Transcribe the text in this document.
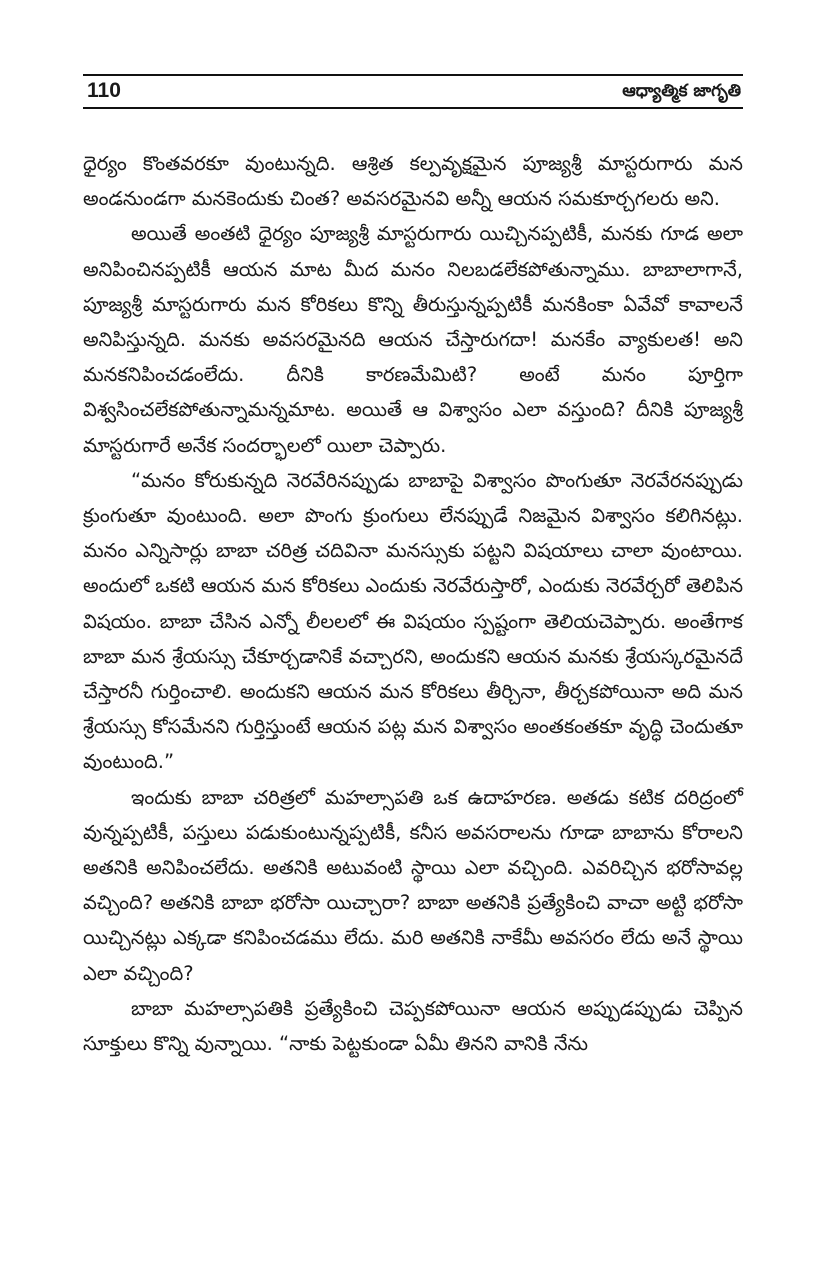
110	ఆధ్యాత్మిక జాగృతి

ధైర్యం కొంతవరకూ వుంటున్నది. ఆశ్రిత కల్పవృక్షమైన పూజ్యశ్రీ మాస్టరుగారు మన అండనుండగా మనకెందుకు చింత? అవసరమైనవి అన్నీ ఆయన సమకూర్చగలరు అని.

అయితే అంతటి ధైర్యం పూజ్యశ్రీ మాస్టరుగారు యిచ్చినప్పటికీ, మనకు గూడ అలా అనిపించినప్పటికీ ఆయన మాట మీద మనం నిలబడలేకపోతున్నాము. బాబాలాగానే, పూజ్యశ్రీ మాస్టరుగారు మన కోరికలు కొన్ని తీరుస్తున్నప్పటికీ మనకింకా ఏవేవో కావాలనే అనిపిస్తున్నది. మనకు అవసరమైనది ఆయన చేస్తారుగదా! మనకేం వ్యాకులత! అని మనకనిపించడంలేదు. దీనికి కారణమేమిటి? అంటే మనం పూర్తిగా విశ్వసించలేకపోతున్నామన్నమాట. అయితే ఆ విశ్వాసం ఎలా వస్తుంది? దీనికి పూజ్యశ్రీ మాస్టరుగారే అనేక సందర్భాలలో యిలా చెప్పారు.

“మనం కోరుకున్నది నెరవేరినప్పుడు బాబాపై విశ్వాసం పొంగుతూ నెరవేరనప్పుడు క్రుంగుతూ వుంటుంది. అలా పొంగు క్రుంగులు లేనప్పుడే నిజమైన విశ్వాసం కలిగినట్లు. మనం ఎన్నిసార్లు బాబా చరిత్ర చదివినా మనస్సుకు పట్టని విషయాలు చాలా వుంటాయి. అందులో ఒకటి ఆయన మన కోరికలు ఎందుకు నెరవేరుస్తారో, ఎందుకు నెరవేర్చరో తెలిపిన విషయం. బాబా చేసిన ఎన్నో లీలలలో ఈ విషయం స్పష్టంగా తెలియచెప్పారు. అంతేగాక బాబా మన శ్రేయస్సు చేకూర్చడానికే వచ్చారని, అందుకని ఆయన మనకు శ్రేయస్కరమైనదే చేస్తారనీ గుర్తించాలి. అందుకని ఆయన మన కోరికలు తీర్చినా, తీర్చకపోయినా అది మన శ్రేయస్సు కోసమేనని గుర్తిస్తుంటే ఆయన పట్ల మన విశ్వాసం అంతకంతకూ వృద్ధి చెందుతూ వుంటుంది.”

ఇందుకు బాబా చరిత్రలో మహల్సాపతి ఒక ఉదాహరణ. అతడు కటిక దరిద్రంలో వున్నప్పటికీ, పస్తులు పడుకుంటున్నప్పటికీ, కనీస అవసరాలను గూడా బాబాను కోరాలని అతనికి అనిపించలేదు. అతనికి అటువంటి స్థాయి ఎలా వచ్చింది. ఎవరిచ్చిన భరోసావల్ల వచ్చింది? అతనికి బాబా భరోసా యిచ్చారా? బాబా అతనికి ప్రత్యేకించి వాచా అట్టి భరోసా యిచ్చినట్లు ఎక్కడా కనిపించడము లేదు. మరి అతనికి నాకేమీ అవసరం లేదు అనే స్థాయి ఎలా వచ్చింది?

బాబా మహల్సాపతికి ప్రత్యేకించి చెప్పకపోయినా ఆయన అప్పుడప్పుడు చెప్పిన సూక్తులు కొన్ని వున్నాయి. “నాకు పెట్టకుండా ఏమీ తినని వానికి నేను
